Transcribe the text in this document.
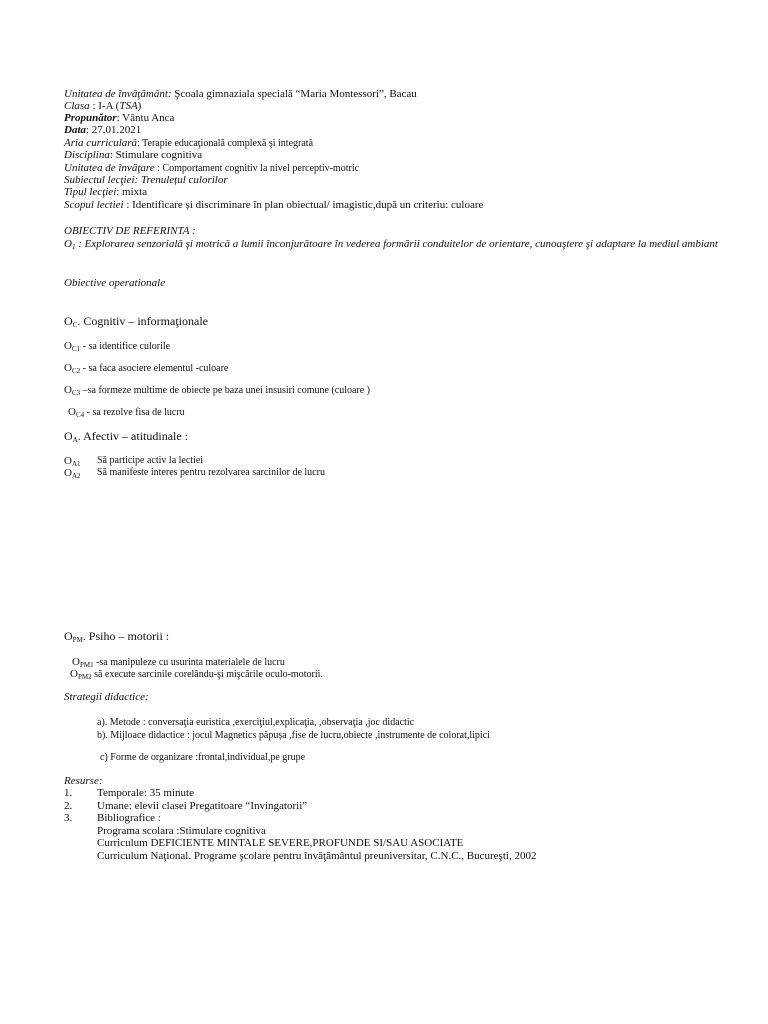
Unitatea de învăţământ: Şcoala gimnaziala specială “Maria Montessori”, Bacau
Clasa : I-A (TSA)
Propunător: Vântu Anca
Data: 27.01.2021
Aria curriculară: Terapie educaţională complexă şi integrată
Disciplina: Stimulare cognitiva
Unitatea de învăţare : Comportament cognitiv la nivel perceptiv-motric
Subiectul lecţiei: Trenulețul culorilor
Tipul lecţiei: mixta
Scopul lectiei : Identificare și discriminare în plan obiectual/ imagistic,după un criteriu: culoare
OBIECTIV DE REFERINTA :
$O_1$ : Explorarea senzorială şi motrică a lumii înconjurătoare în vederea formării conduitelor de orientare, cunoaştere şi adaptare la mediul ambiant
Obiective operationale
$O_C$. Cognitiv – informaţionale
$O_{C1}$ - sa identifice culorile
$O_{C2}$ - sa faca asociere elementul -culoare
$O_{C3}$ –sa formeze multime de obiecte pe baza unei insusiri comune (culoare )
$O_{C4}$ - sa rezolve fisa de lucru
$O_A$. Afectiv – atitudinale :
$O_{A1}$ Să participe activ la lectiei
$O_{A2}$ Să manifeste interes pentru rezolvarea sarcinilor de lucru
$O_{PM}$. Psiho – motorii :
$O_{PM1}$ -sa manipuleze cu usurinta materialele de lucru
$O_{PM2}$ să execute sarcinile corelându-şi mişcările oculo-motorii.
Strategii didactice:
a). Metode : conversaţia euristica ,exerciţiul,explicaţia, ,observaţia ,joc didactic
b). Mijloace didactice : jocul Magnetics păpușa ,fise de lucru,obiecte ,instrumente de colorat,lipici
c) Forme de organizare :frontal,individual,pe grupe
Resurse:
1. Temporale: 35 minute
2. Umane: elevii clasei Pregatitoare “Invingatorii”
3. Bibliografice :
Programa scolara :Stimulare cognitiva
Curriculum DEFICIENTE MINTALE SEVERE,PROFUNDE SI/SAU ASOCIATE
Curriculum Naţional. Programe şcolare pentru învăţământul preuniversitar, C.N.C., Bucureşti, 2002
